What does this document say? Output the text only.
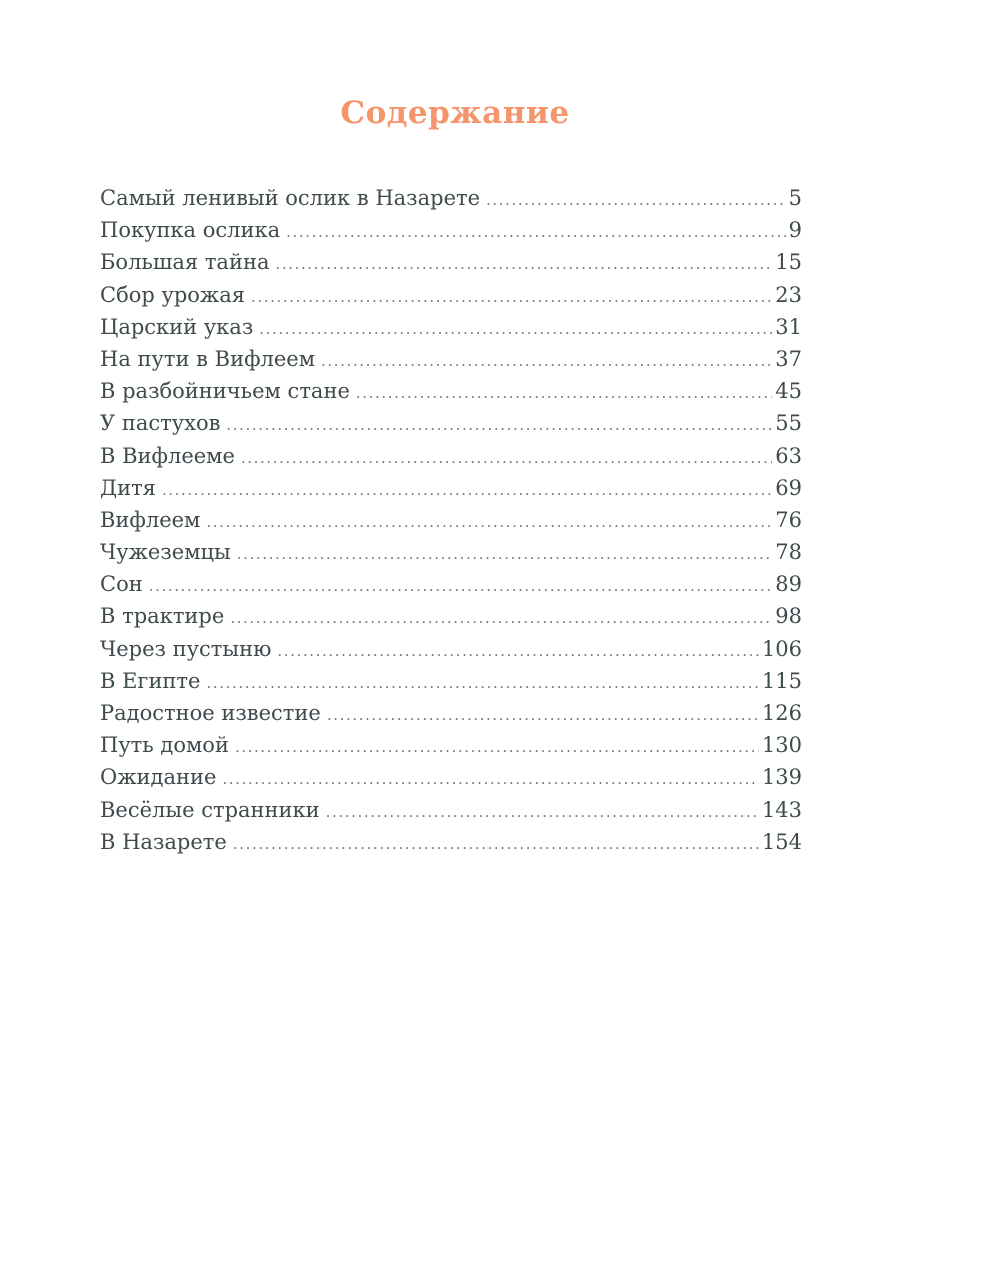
Содержание
Самый ленивый ослик в Назарете .....	5
Покупка ослика .....	9
Большая тайна .....	15
Сбор урожая .....	23
Царский указ .....	31
На пути в Вифлеем .....	37
В разбойничьем стане .....	45
У пастухов .....	55
В Вифлееме .....	63
Дитя .....	69
Вифлеем .....	76
Чужеземцы .....	78
Сон .....	89
В трактире .....	98
Через пустыню .....	106
В Египте .....	115
Радостное известие .....	126
Путь домой .....	130
Ожидание .....	139
Весёлые странники .....	143
В Назарете .....	154
